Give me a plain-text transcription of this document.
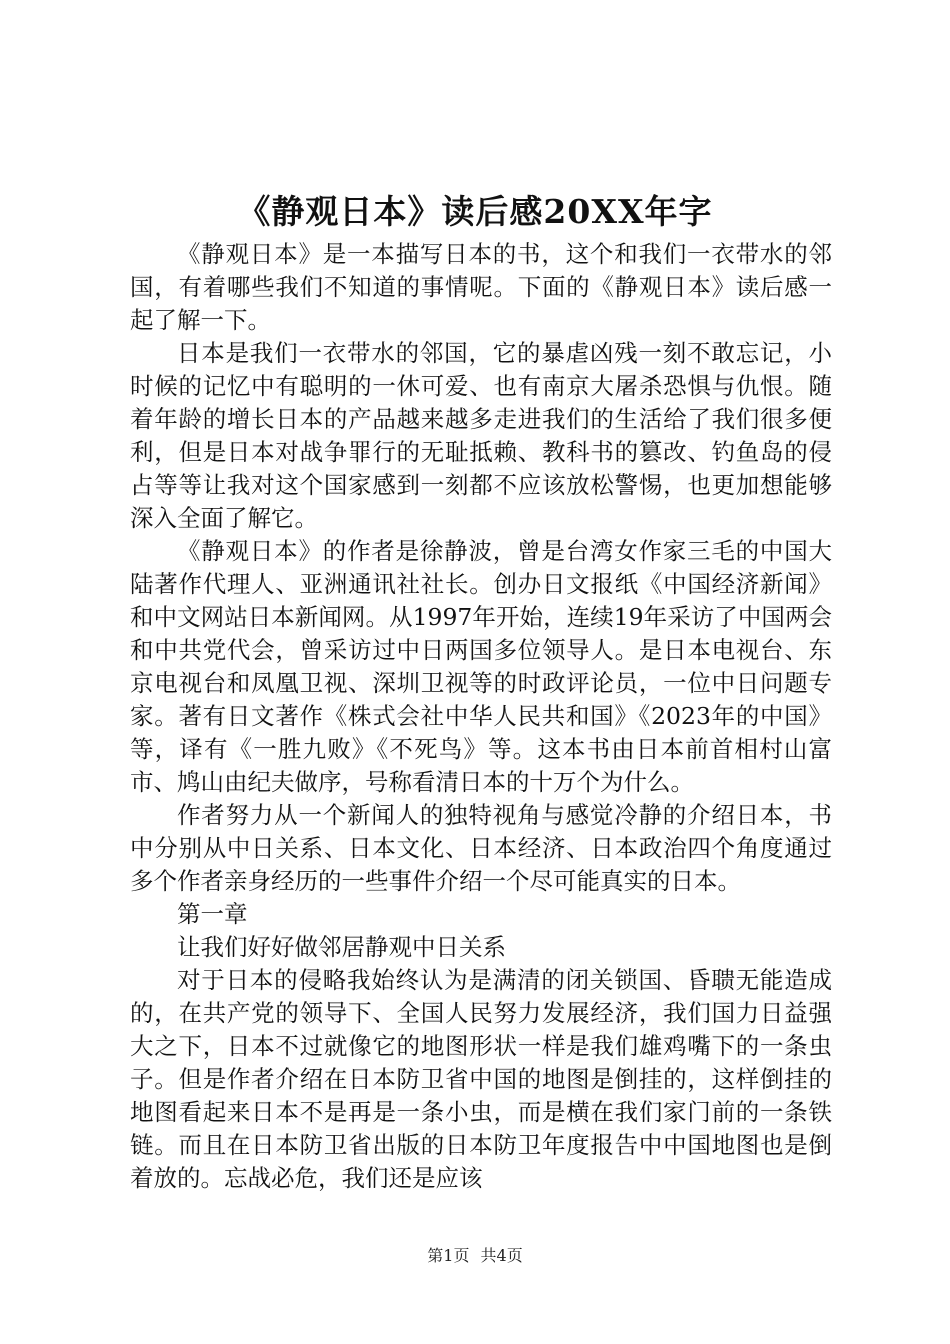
《静观日本》读后感20XX年字

《静观日本》是一本描写日本的书，这个和我们一衣带水的邻国，有着哪些我们不知道的事情呢。下面的《静观日本》读后感一起了解一下。

日本是我们一衣带水的邻国，它的暴虐凶残一刻不敢忘记，小时候的记忆中有聪明的一休可爱、也有南京大屠杀恐惧与仇恨。随着年龄的增长日本的产品越来越多走进我们的生活给了我们很多便利，但是日本对战争罪行的无耻抵赖、教科书的篡改、钓鱼岛的侵占等等让我对这个国家感到一刻都不应该放松警惕，也更加想能够深入全面了解它。

《静观日本》的作者是徐静波，曾是台湾女作家三毛的中国大陆著作代理人、亚洲通讯社社长。创办日文报纸《中国经济新闻》和中文网站日本新闻网。从1997年开始，连续19年采访了中国两会和中共党代会，曾采访过中日两国多位领导人。是日本电视台、东京电视台和凤凰卫视、深圳卫视等的时政评论员，一位中日问题专家。著有日文著作《株式会社中华人民共和国》《2023年的中国》等，译有《一胜九败》《不死鸟》等。这本书由日本前首相村山富市、鸠山由纪夫做序，号称看清日本的十万个为什么。

作者努力从一个新闻人的独特视角与感觉冷静的介绍日本，书中分别从中日关系、日本文化、日本经济、日本政治四个角度通过多个作者亲身经历的一些事件介绍一个尽可能真实的日本。

第一章

让我们好好做邻居静观中日关系

对于日本的侵略我始终认为是满清的闭关锁国、昏聩无能造成的，在共产党的领导下、全国人民努力发展经济，我们国力日益强大之下，日本不过就像它的地图形状一样是我们雄鸡嘴下的一条虫子。但是作者介绍在日本防卫省中国的地图是倒挂的，这样倒挂的地图看起来日本不是再是一条小虫，而是横在我们家门前的一条铁链。而且在日本防卫省出版的日本防卫年度报告中中国地图也是倒着放的。忘战必危，我们还是应该

第1页 共4页
